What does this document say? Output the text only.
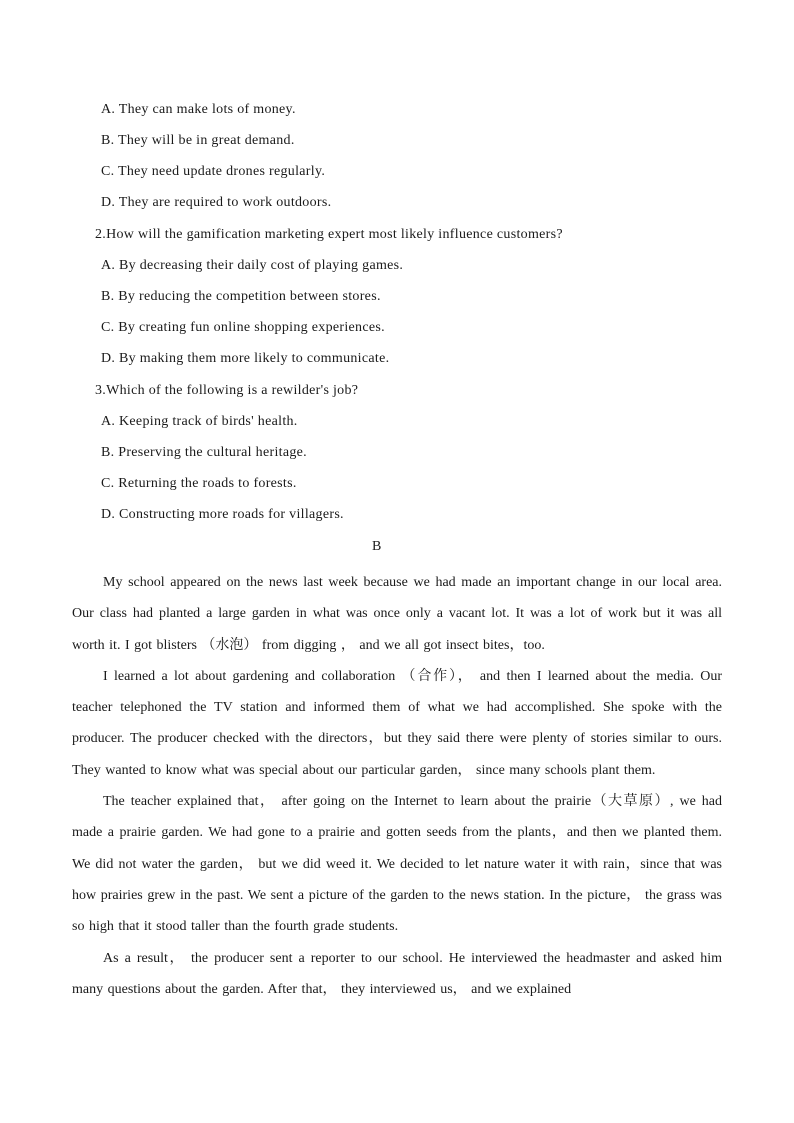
A. They can make lots of money.
B. They will be in great demand.
C. They need update drones regularly.
D. They are required to work outdoors.
2.How will the gamification marketing expert most likely influence customers?
A. By decreasing their daily cost of playing games.
B. By reducing the competition between stores.
C. By creating fun online shopping experiences.
D. By making them more likely to communicate.
3.Which of the following is a rewilder's job?
A. Keeping track of birds' health.
B. Preserving the cultural heritage.
C. Returning the roads to forests.
D. Constructing more roads for villagers.
B

My school appeared on the news last week because we had made an important change in our local area. Our class had planted a large garden in what was once only a vacant lot. It was a lot of work but it was all worth it. I got blisters （水泡） from digging ， and we all got insect bites，too.

I learned a lot about gardening and collaboration （合作）， and then I learned about the media. Our teacher telephoned the TV station and informed them of what we had accomplished. She spoke with the producer. The producer checked with the directors，but they said there were plenty of stories similar to ours. They wanted to know what was special about our particular garden， since many schools plant them.

The teacher explained that， after going on the Internet to learn about the prairie（大草原）, we had made a prairie garden. We had gone to a prairie and gotten seeds from the plants，and then we planted them. We did not water the garden， but we did weed it. We decided to let nature water it with rain，since that was how prairies grew in the past. We sent a picture of the garden to the news station. In the picture， the grass was so high that it stood taller than the fourth grade students.

As a result， the producer sent a reporter to our school. He interviewed the headmaster and asked him many questions about the garden. After that， they interviewed us， and we explained
